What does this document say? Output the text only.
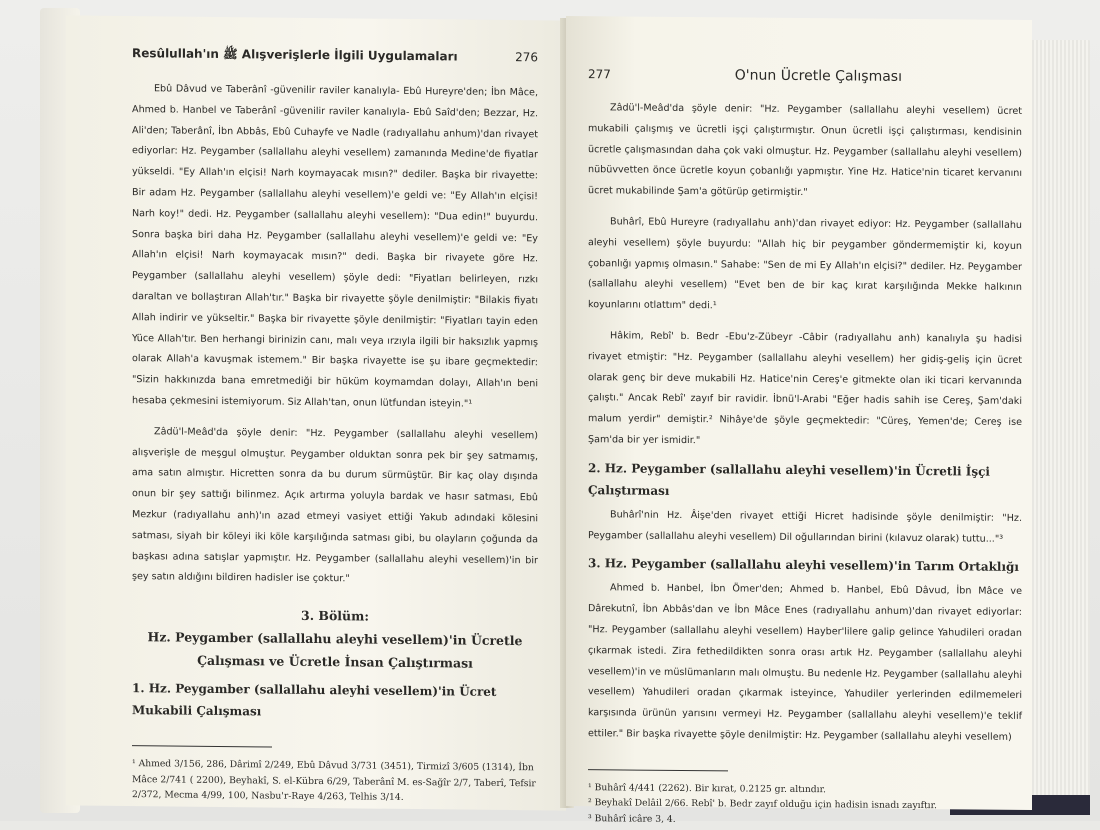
Resûlullah'ın ﷺ Alışverişlerle İlgili Uygulamaları	276

Ebû Dâvud ve Taberânî -güvenilir raviler kanalıyla- Ebû Hureyre'den; İbn Mâce, Ahmed b. Hanbel ve Taberânî -güvenilir raviler kanalıyla- Ebû Saîd'den; Bezzar, Hz. Ali'den; Taberânî, İbn Abbâs, Ebû Cuhayfe ve Nadle (radıyallahu anhum)'dan rivayet ediyorlar: Hz. Peygamber (sallallahu aleyhi vesellem) zamanında Medine'de fiyatlar yükseldi. "Ey Allah'ın elçisi! Narh koymayacak mısın?" dediler. Başka bir rivayette: Bir adam Hz. Peygamber (sallallahu aleyhi vesellem)'e geldi ve: "Ey Allah'ın elçisi! Narh koy!" dedi. Hz. Peygamber (sallallahu aleyhi vesellem): "Dua edin!" buyurdu. Sonra başka biri daha Hz. Peygamber (sallallahu aleyhi vesellem)'e geldi ve: "Ey Allah'ın elçisi! Narh koymayacak mısın?" dedi. Başka bir rivayete göre Hz. Peygamber (sallallahu aleyhi vesellem) şöyle dedi: "Fiyatları belirleyen, rızkı daraltan ve bollaştıran Allah'tır." Başka bir rivayette şöyle denilmiştir: "Bilakis fiyatı Allah indirir ve yükseltir." Başka bir rivayette şöyle denilmiştir: "Fiyatları tayin eden Yüce Allah'tır. Ben herhangi birinizin canı, malı veya ırzıyla ilgili bir haksızlık yapmış olarak Allah'a kavuşmak istemem." Bir başka rivayette ise şu ibare geçmektedir: "Sizin hakkınızda bana emretmediği bir hüküm koymamdan dolayı, Allah'ın beni hesaba çekmesini istemiyorum. Siz Allah'tan, onun lütfundan isteyin."¹

Zâdü'l-Meâd'da şöyle denir: "Hz. Peygamber (sallallahu aleyhi vesellem) alışverişle de meşgul olmuştur. Peygamber olduktan sonra pek bir şey satmamış, ama satın almıştır. Hicretten sonra da bu durum sürmüştür. Bir kaç olay dışında onun bir şey sattığı bilinmez. Açık artırma yoluyla bardak ve hasır satması, Ebû Mezkur (radıyallahu anh)'ın azad etmeyi vasiyet ettiği Yakub adındaki kölesini satması, siyah bir köleyi iki köle karşılığında satması gibi, bu olayların çoğunda da başkası adına satışlar yapmıştır. Hz. Peygamber (sallallahu aleyhi vesellem)'in bir şey satın aldığını bildiren hadisler ise çoktur."

3. Bölüm:

Hz. Peygamber (sallallahu aleyhi vesellem)'in Ücretle

Çalışması ve Ücretle İnsan Çalıştırması

1. Hz. Peygamber (sallallahu aleyhi vesellem)'in Ücret Mukabili Çalışması

¹ Ahmed 3/156, 286, Dârimî 2/249, Ebû Dâvud 3/731 (3451), Tirmizî 3/605 (1314), İbn Mâce 2/741 ( 2200), Beyhakî, S. el-Kübra 6/29, Taberânî M. es-Sağîr 2/7, Taberî, Tefsir 2/372, Mecma 4/99, 100, Nasbu'r-Raye 4/263, Telhis 3/14.

277	O'nun Ücretle Çalışması

Zâdü'l-Meâd'da şöyle denir: "Hz. Peygamber (sallallahu aleyhi vesellem) ücret mukabili çalışmış ve ücretli işçi çalıştırmıştır. Onun ücretli işçi çalıştırması, kendisinin ücretle çalışmasından daha çok vaki olmuştur. Hz. Peygamber (sallallahu aleyhi vesellem) nübüvvetten önce ücretle koyun çobanlığı yapmıştır. Yine Hz. Hatice'nin ticaret kervanını ücret mukabilinde Şam'a götürüp getirmiştir."

Buhârî, Ebû Hureyre (radıyallahu anh)'dan rivayet ediyor: Hz. Peygamber (sallallahu aleyhi vesellem) şöyle buyurdu: "Allah hiç bir peygamber göndermemiştir ki, koyun çobanlığı yapmış olmasın." Sahabe: "Sen de mi Ey Allah'ın elçisi?" dediler. Hz. Peygamber (sallallahu aleyhi vesellem) "Evet ben de bir kaç kırat karşılığında Mekke halkının koyunlarını otlattım" dedi.¹

Hâkim, Rebî' b. Bedr -Ebu'z-Zübeyr -Câbir (radıyallahu anh) kanalıyla şu hadisi rivayet etmiştir: "Hz. Peygamber (sallallahu aleyhi vesellem) her gidiş-geliş için ücret olarak genç bir deve mukabili Hz. Hatice'nin Cereş'e gitmekte olan iki ticari kervanında çalıştı." Ancak Rebî' zayıf bir ravidir. İbnü'l-Arabi "Eğer hadis sahih ise Cereş, Şam'daki malum yerdir" demiştir.² Nihâye'de şöyle geçmektedir: "Cüreş, Yemen'de; Cereş ise Şam'da bir yer ismidir."

2. Hz. Peygamber (sallallahu aleyhi vesellem)'in Ücretli İşçi Çalıştırması

Buhârî'nin Hz. Âişe'den rivayet ettiği Hicret hadisinde şöyle denilmiştir: "Hz. Peygamber (sallallahu aleyhi vesellem) Dil oğullarından birini (kılavuz olarak) tuttu..."³

3. Hz. Peygamber (sallallahu aleyhi vesellem)'in Tarım Ortaklığı

Ahmed b. Hanbel, İbn Ömer'den; Ahmed b. Hanbel, Ebû Dâvud, İbn Mâce ve Dârekutnî, İbn Abbâs'dan ve İbn Mâce Enes (radıyallahu anhum)'dan rivayet ediyorlar: "Hz. Peygamber (sallallahu aleyhi vesellem) Hayber'lilere galip gelince Yahudileri oradan çıkarmak istedi. Zira fethedildikten sonra orası artık Hz. Peygamber (sallallahu aleyhi vesellem)'in ve müslümanların malı olmuştu. Bu nedenle Hz. Peygamber (sallallahu aleyhi vesellem) Yahudileri oradan çıkarmak isteyince, Yahudiler yerlerinden edilmemeleri karşısında ürünün yarısını vermeyi Hz. Peygamber (sallallahu aleyhi vesellem)'e teklif ettiler." Bir başka rivayette şöyle denilmiştir: Hz. Peygamber (sallallahu aleyhi vesellem)

¹ Buhârî 4/441 (2262). Bir kırat, 0.2125 gr. altındır.

² Beyhakî Delâil 2/66. Rebî' b. Bedr zayıf olduğu için hadisin isnadı zayıftır.

³ Buhârî icâre 3, 4.
